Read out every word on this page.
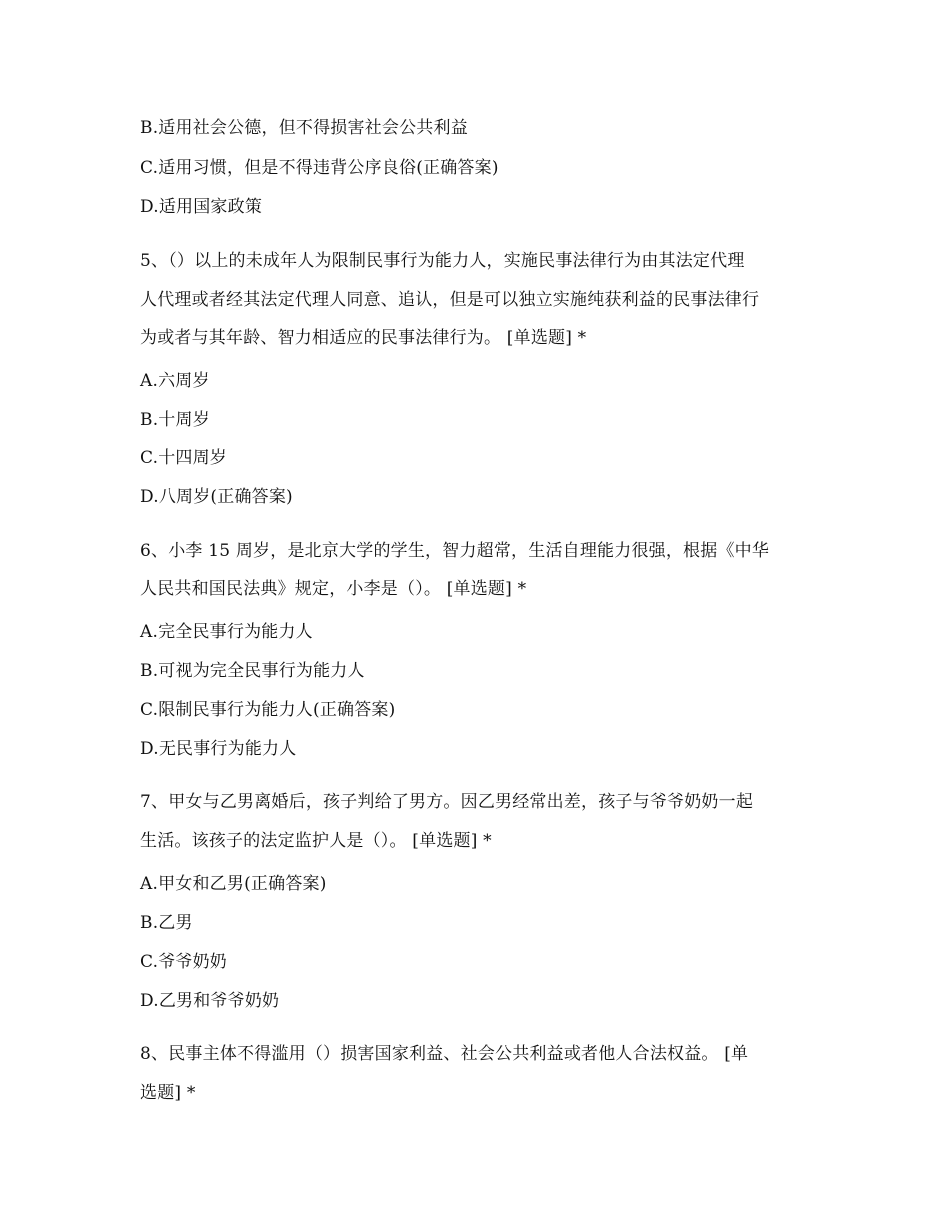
B.适用社会公德，但不得损害社会公共利益
C.适用习惯，但是不得违背公序良俗(正确答案)
D.适用国家政策
5、（）以上的未成年人为限制民事行为能力人，实施民事法律行为由其法定代理
人代理或者经其法定代理人同意、追认，但是可以独立实施纯获利益的民事法律行
为或者与其年龄、智力相适应的民事法律行为。 [单选题] *
A.六周岁
B.十周岁
C.十四周岁
D.八周岁(正确答案)
6、小李 15 周岁，是北京大学的学生，智力超常，生活自理能力很强，根据《中华
人民共和国民法典》规定，小李是（）。 [单选题] *
A.完全民事行为能力人
B.可视为完全民事行为能力人
C.限制民事行为能力人(正确答案)
D.无民事行为能力人
7、甲女与乙男离婚后，孩子判给了男方。因乙男经常出差，孩子与爷爷奶奶一起
生活。该孩子的法定监护人是（）。 [单选题] *
A.甲女和乙男(正确答案)
B.乙男
C.爷爷奶奶
D.乙男和爷爷奶奶
8、民事主体不得滥用（）损害国家利益、社会公共利益或者他人合法权益。 [单
选题] *
